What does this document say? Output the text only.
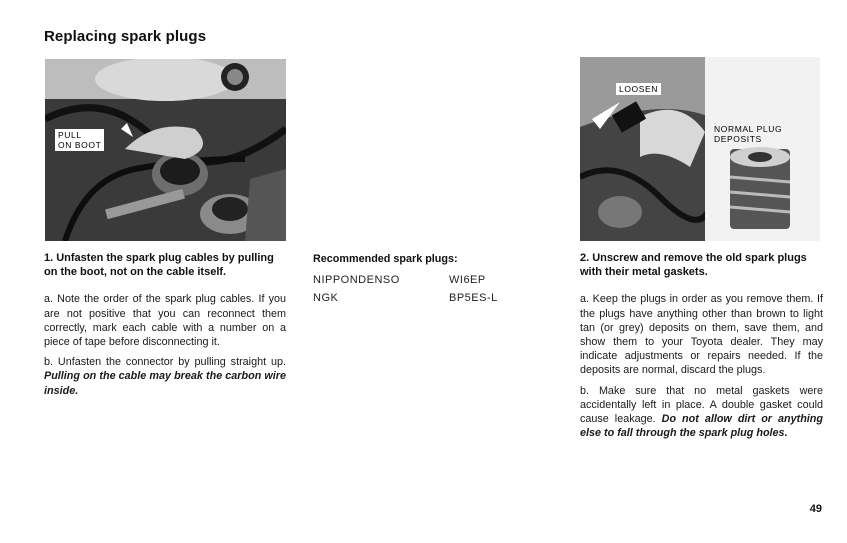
Replacing spark plugs
PULL
ON BOOT
LOOSEN
NORMAL PLUG
DEPOSITS

1. Unfasten the spark plug cables by pulling on the boot, not on the cable itself.

a. Note the order of the spark plug cables. If you are not positive that you can reconnect them correctly, mark each cable with a number on a piece of tape before disconnecting it.

b. Unfasten the connector by pulling straight up. Pulling on the cable may break the carbon wire inside.

Recommended spark plugs:

NIPPONDENSO	WI6EP
NGK	BP5ES-L

2. Unscrew and remove the old spark plugs with their metal gaskets.

a. Keep the plugs in order as you remove them. If the plugs have anything other than brown to light tan (or grey) deposits on them, save them, and show them to your Toyota dealer. They may indicate adjustments or repairs needed. If the deposits are normal, discard the plugs.

b. Make sure that no metal gaskets were accidentally left in place. A double gasket could cause leakage. Do not allow dirt or anything else to fall through the spark plug holes.

49
